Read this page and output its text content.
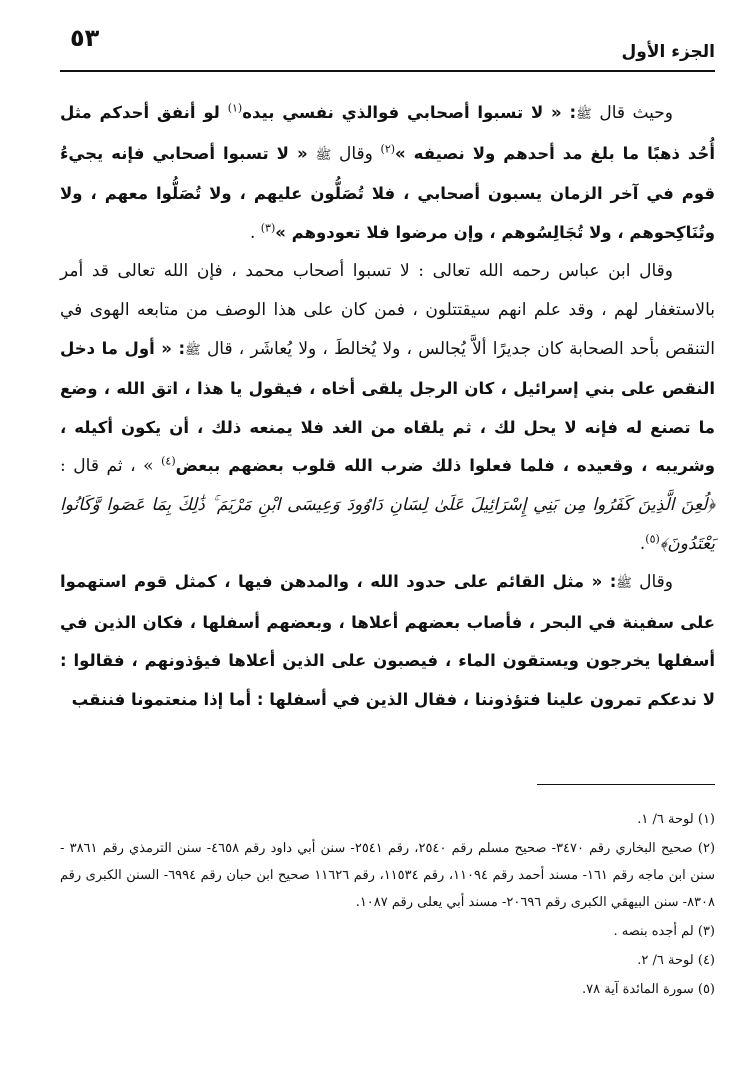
٥٣	الجزء الأول

وحيث قال ﷺ: « لا تسبوا أصحابي فوالذي نفسي بيده$^{(١)}$ لو أنفق أحدكم مثل أُحُد ذهبًا ما بلغ مد أحدهم ولا نصيفه »$^{(٢)}$ وقال ﷺ « لا تسبوا أصحابي فإنه يجيءُ قوم في آخر الزمان يسبون أصحابي ، فلا تُصَلُّون عليهم ، ولا تُصَلُّوا معهم ، ولا وتُنَاكِحوهم ، ولا تُجَالِسُوهم ، وإن مرضوا فلا تعودوهم »$^{(٣)}$ .

وقال ابن عباس رحمه الله تعالى : لا تسبوا أصحاب محمد ، فإن الله تعالى قد أمر بالاستغفار لهم ، وقد علم انهم سيقتتلون ، فمن كان على هذا الوصف من متابعه الهوى في التنقص بأحد الصحابة كان جديرًا ألاَّ يُجالس ، ولا يُخالطَ ، ولا يُعاشَر ، قال ﷺ: « أول ما دخل النقص على بني إسرائيل ، كان الرجل يلقى أخاه ، فيقول يا هذا ، اتق الله ، وضع ما تصنع له فإنه لا يحل لك ، ثم يلقاه من الغد فلا يمنعه ذلك ، أن يكون أكيله ، وشريبه ، وقعيده ، فلما فعلوا ذلك ضرب الله قلوب بعضهم ببعض$^{(٤)}$ » ، ثم قال : ﴿لُعِنَ الَّذِينَ كَفَرُوا مِن بَنِي إِسْرَائِيلَ عَلَىٰ لِسَانِ دَاوُودَ وَعِيسَى ابْنِ مَرْيَمَ ۚ ذَٰلِكَ بِمَا عَصَوا وَّكَانُوا يَعْتَدُونَ﴾$^{(٥)}$.

وقال ﷺ: « مثل القائم على حدود الله ، والمدهن فيها ، كمثل قوم استهموا على سفينة في البحر ، فأصاب بعضهم أعلاها ، وبعضهم أسفلها ، فكان الذين في أسفلها يخرجون ويستقون الماء ، فيصبون على الذين أعلاها فيؤذونهم ، فقالوا : لا ندعكم تمرون علينا فتؤذوننا ، فقال الذين في أسفلها : أما إذا منعتمونا فننقب

(١) لوحة ٦/ ١.

(٢) صحيح البخاري رقم ٣٤٧٠- صحيح مسلم رقم ٢٥٤٠، رقم ٢٥٤١- سنن أبي داود رقم ٤٦٥٨- سنن الترمذي رقم ٣٨٦١ - سنن ابن ماجه رقم ١٦١- مسند أحمد رقم ١١٠٩٤، رقم ١١٥٣٤، رقم ١١٦٢٦ صحيح ابن حبان رقم ٦٩٩٤- السنن الكبرى رقم ٨٣٠٨- سنن البيهقي الكبرى رقم ٢٠٦٩٦- مسند أبي يعلى رقم ١٠٨٧.

(٣) لم أجده بنصه .

(٤) لوحة ٦/ ٢.

(٥) سورة المائدة آية ٧٨.
